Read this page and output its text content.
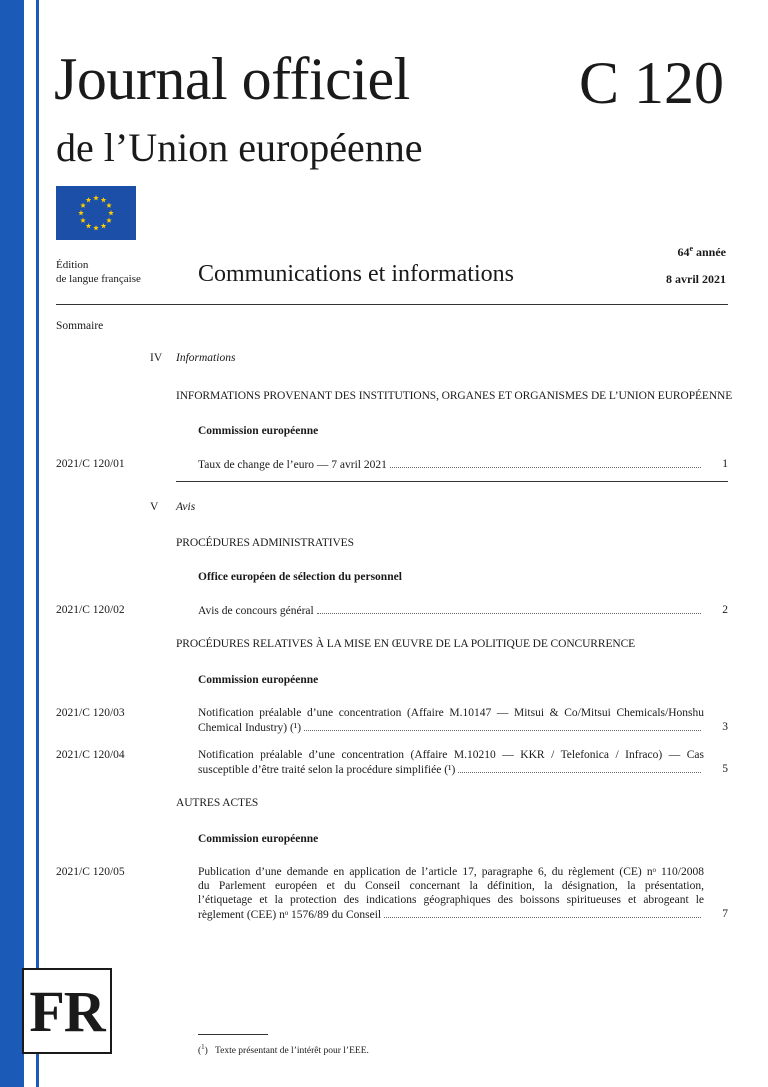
Journal officiel
de l’Union européenne
C 120
Édition
de langue française Communications et informations
64e année
8 avril 2021
Sommaire
IV Informations
INFORMATIONS PROVENANT DES INSTITUTIONS, ORGANES ET ORGANISMES DE L’UNION EUROPÉENNE
Commission européenne
2021/C 120/01	Taux de change de l’euro — 7 avril 2021	1
V Avis
PROCÉDURES ADMINISTRATIVES
Office européen de sélection du personnel
2021/C 120/02	Avis de concours général	2
PROCÉDURES RELATIVES À LA MISE EN ŒUVRE DE LA POLITIQUE DE CONCURRENCE
Commission européenne
2021/C 120/03	Notification préalable d’une concentration (Affaire M.10147 — Mitsui & Co/Mitsui Chemicals/Honshu
Chemical Industry) (¹)	3
2021/C 120/04	Notification préalable d’une concentration (Affaire M.10210 — KKR / Telefonica / Infraco) — Cas
susceptible d’être traité selon la procédure simplifiée (¹)	5
AUTRES ACTES
Commission européenne
2021/C 120/05	Publication d’une demande en application de l’article 17, paragraphe 6, du règlement (CE) nᵒ 110/2008
du Parlement européen et du Conseil concernant la définition, la désignation, la présentation,
l’étiquetage et la protection des indications géographiques des boissons spiritueuses et abrogeant le
règlement (CEE) nᵒ 1576/89 du Conseil	7
FR
($^1$)   Texte présentant de l’intérêt pour l’EEE.
